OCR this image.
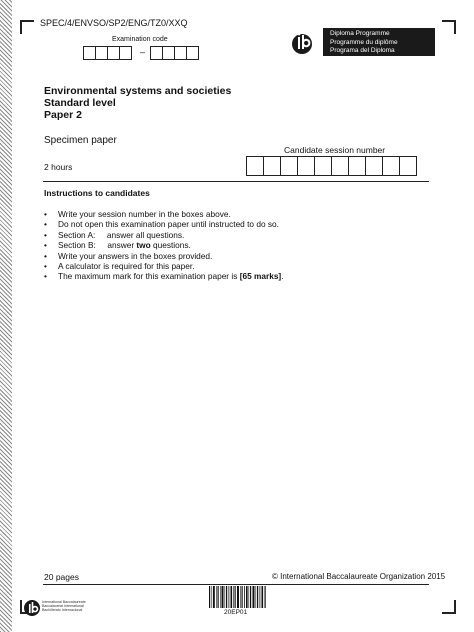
SPEC/4/ENVSO/SP2/ENG/TZ0/XXQ
Examination code
–
Diploma Programme
Programme du diplôme
Programa del Diploma
Environmental systems and societies
Standard level
Paper 2
Specimen paper
Candidate session number
2 hours
Instructions to candidates
• Write your session number in the boxes above.
• Do not open this examination paper until instructed to do so.
• Section A:     answer all questions.
• Section B:     answer two questions.
• Write your answers in the boxes provided.
• A calculator is required for this paper.
• The maximum mark for this examination paper is [65 marks].
20 pages	© International Baccalaureate Organization 2015
International Baccalaureate
Baccalauréat International
Bachillerato Internacional	20EP01
